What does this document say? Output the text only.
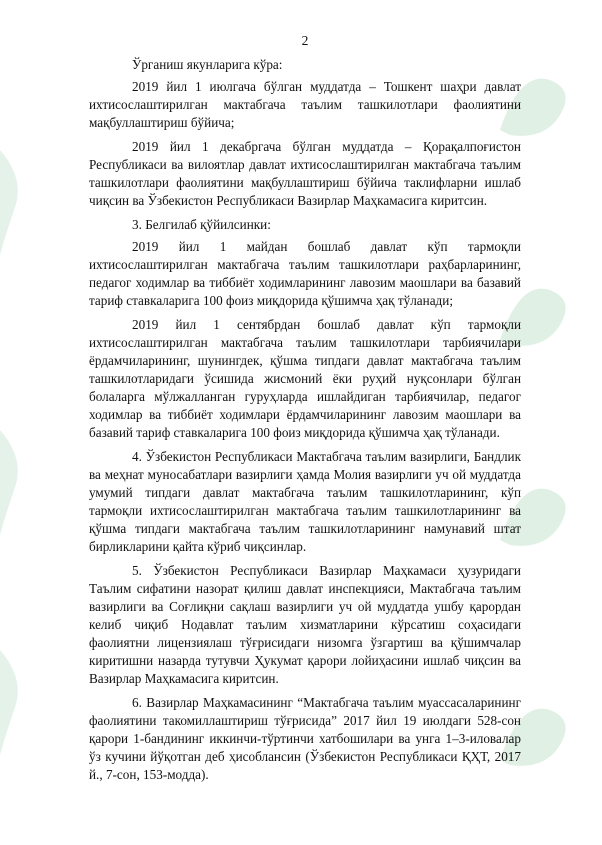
2

Ўрганиш якунларига кўра:

2019 йил 1 июлгача бўлган муддатда – Тошкент шаҳри давлат ихтисослаштирилган мактабгача таълим ташкилотлари фаолиятини мақбуллаштириш бўйича;

2019 йил 1 декабргача бўлган муддатда – Қорақалпоғистон Республикаси ва вилоятлар давлат ихтисослаштирилган мактабгача таълим ташкилотлари фаолиятини мақбуллаштириш бўйича таклифларни ишлаб чиқсин ва Ўзбекистон Республикаси Вазирлар Маҳкамасига киритсин.

3. Белгилаб қўйилсинки:

2019 йил 1 майдан бошлаб давлат кўп тармоқли ихтисослаштирилган мактабгача таълим ташкилотлари раҳбарларининг, педагог ходимлар ва тиббиёт ходимларининг лавозим маошлари ва базавий тариф ставкаларига 100 фоиз миқдорида қўшимча ҳақ тўланади;

2019 йил 1 сентябрдан бошлаб давлат кўп тармоқли ихтисослаштирилган мактабгача таълим ташкилотлари тарбиячилари ёрдамчиларининг, шунингдек, қўшма типдаги давлат мактабгача таълим ташкилотларидаги ўсишида жисмоний ёки руҳий нуқсонлари бўлган болаларга мўлжалланган гуруҳларда ишлайдиган тарбиячилар, педагог ходимлар ва тиббиёт ходимлари ёрдамчиларининг лавозим маошлари ва базавий тариф ставкаларига 100 фоиз миқдорида қўшимча ҳақ тўланади.

4. Ўзбекистон Республикаси Мактабгача таълим вазирлиги, Бандлик ва меҳнат муносабатлари вазирлиги ҳамда Молия вазирлиги уч ой муддатда умумий типдаги давлат мактабгача таълим ташкилотларининг, кўп тармоқли ихтисослаштирилган мактабгача таълим ташкилотларининг ва қўшма типдаги мактабгача таълим ташкилотларининг намунавий штат бирликларини қайта кўриб чиқсинлар.

5. Ўзбекистон Республикаси Вазирлар Маҳкамаси ҳузуридаги Таълим сифатини назорат қилиш давлат инспекцияси, Мактабгача таълим вазирлиги ва Соғлиқни сақлаш вазирлиги уч ой муддатда ушбу қарордан келиб чиқиб Нодавлат таълим хизматларини кўрсатиш соҳасидаги фаолиятни лицензиялаш тўғрисидаги низомга ўзгартиш ва қўшимчалар киритишни назарда тутувчи Ҳукумат қарори лойиҳасини ишлаб чиқсин ва Вазирлар Маҳкамасига киритсин.

6. Вазирлар Маҳкамасининг “Мактабгача таълим муассасаларининг фаолиятини такомиллаштириш тўғрисида” 2017 йил 19 июлдаги 528-сон қарори 1-бандининг иккинчи-тўртинчи хатбошилари ва унга 1–3-иловалар ўз кучини йўқотган деб ҳисоблансин (Ўзбекистон Республикаси ҚҲТ, 2017 й., 7-сон, 153-модда).
